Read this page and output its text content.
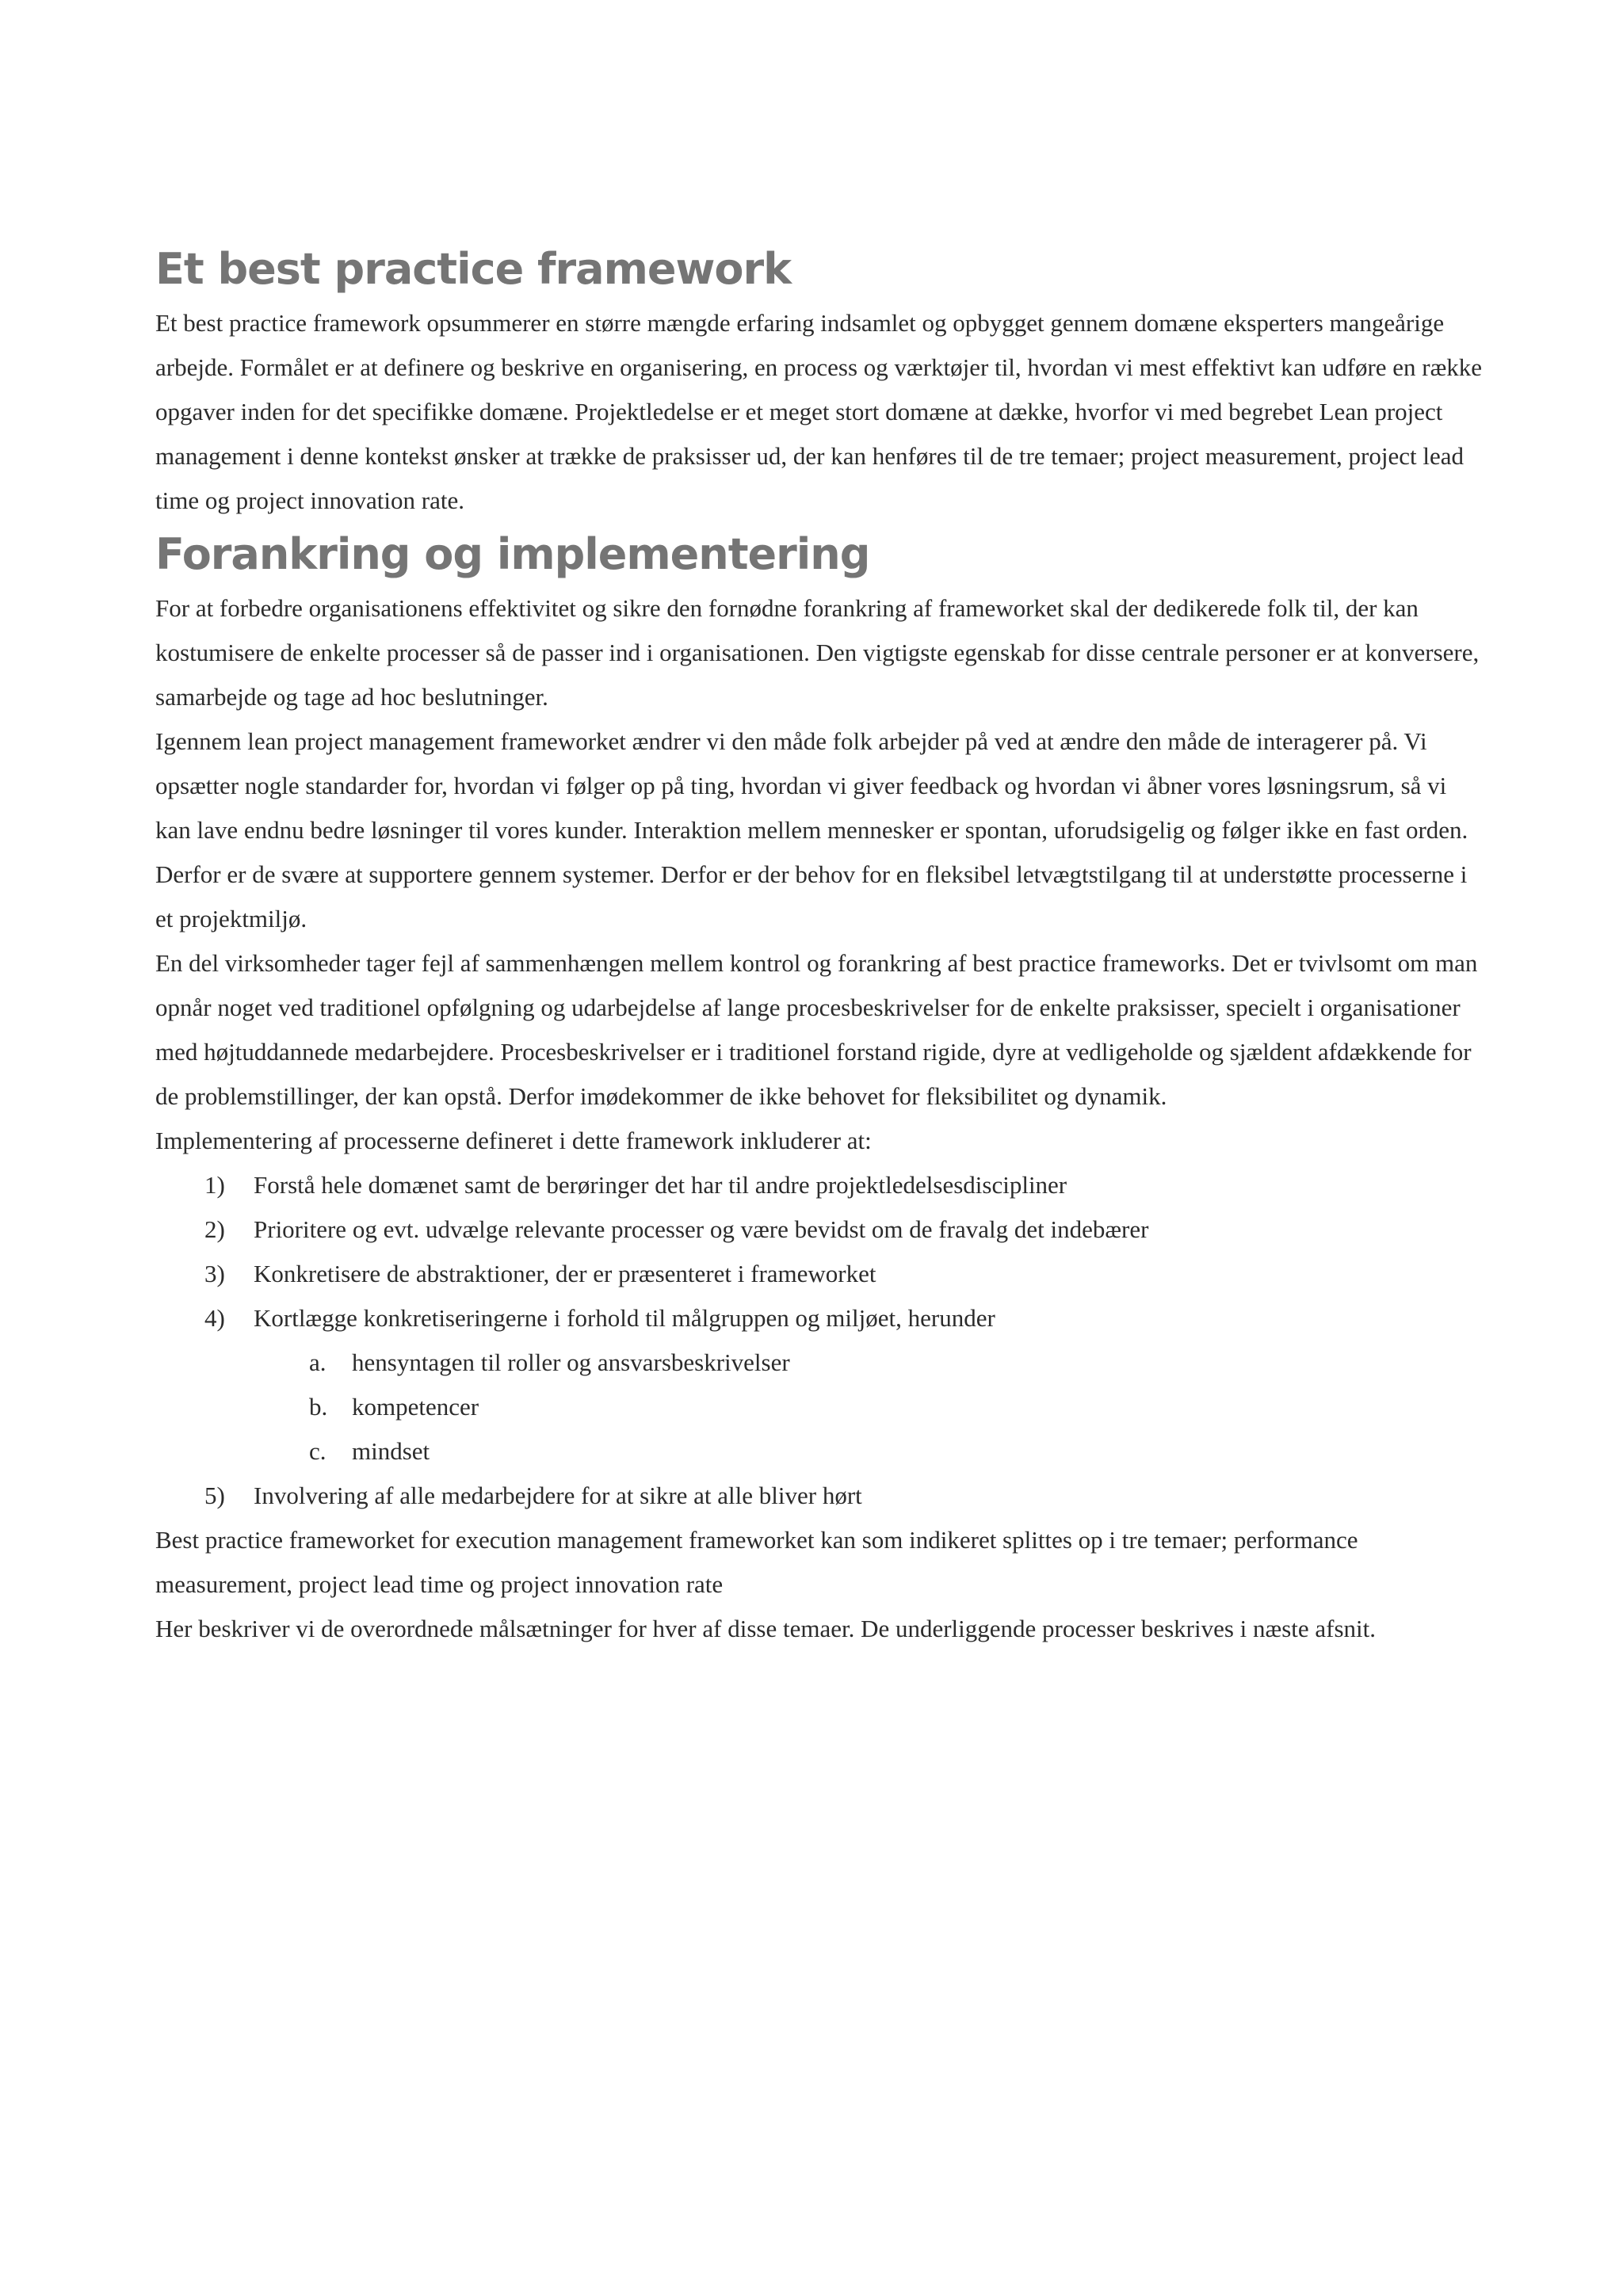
Et best practice framework

Et best practice framework opsummerer en større mængde erfaring indsamlet og opbygget gennem domæne eksperters mangeårige arbejde. Formålet er at definere og beskrive en organisering, en process og værktøjer til, hvordan vi mest effektivt kan udføre en række opgaver inden for det specifikke domæne. Projektledelse er et meget stort domæne at dække, hvorfor vi med begrebet Lean project management i denne kontekst ønsker at trække de praksisser ud, der kan henføres til de tre temaer; project measurement, project lead time og project innovation rate.

Forankring og implementering

For at forbedre organisationens effektivitet og sikre den fornødne forankring af frameworket skal der dedikerede folk til, der kan kostumisere de enkelte processer så de passer ind i organisationen. Den vigtigste egenskab for disse centrale personer er at konversere, samarbejde og tage ad hoc beslutninger.

Igennem lean project management frameworket ændrer vi den måde folk arbejder på ved at ændre den måde de interagerer på. Vi opsætter nogle standarder for, hvordan vi følger op på ting, hvordan vi giver feedback og hvordan vi åbner vores løsningsrum, så vi kan lave endnu bedre løsninger til vores kunder. Interaktion mellem mennesker er spontan, uforudsigelig og følger ikke en fast orden. Derfor er de svære at supportere gennem systemer. Derfor er der behov for en fleksibel letvægtstilgang til at understøtte processerne i et projektmiljø.

En del virksomheder tager fejl af sammenhængen mellem kontrol og forankring af best practice frameworks. Det er tvivlsomt om man opnår noget ved traditionel opfølgning og udarbejdelse af lange procesbeskrivelser for de enkelte praksisser, specielt i organisationer med højtuddannede medarbejdere. Procesbeskrivelser er i traditionel forstand rigide, dyre at vedligeholde og sjældent afdækkende for de problemstillinger, der kan opstå. Derfor imødekommer de ikke behovet for fleksibilitet og dynamik.

Implementering af processerne defineret i dette framework inkluderer at:

1)	Forstå hele domænet samt de berøringer det har til andre projektledelsesdiscipliner
2)	Prioritere og evt. udvælge relevante processer og være bevidst om de fravalg det indebærer
3)	Konkretisere de abstraktioner, der er præsenteret i frameworket
4)	Kortlægge konkretiseringerne i forhold til målgruppen og miljøet, herunder
a.	hensyntagen til roller og ansvarsbeskrivelser
b. kompetencer
c.	mindset
5)	Involvering af alle medarbejdere for at sikre at alle bliver hørt

Best practice frameworket for execution management frameworket kan som indikeret splittes op i tre temaer; performance measurement, project lead time og project innovation rate

Her beskriver vi de overordnede målsætninger for hver af disse temaer. De underliggende processer beskrives i næste afsnit.
